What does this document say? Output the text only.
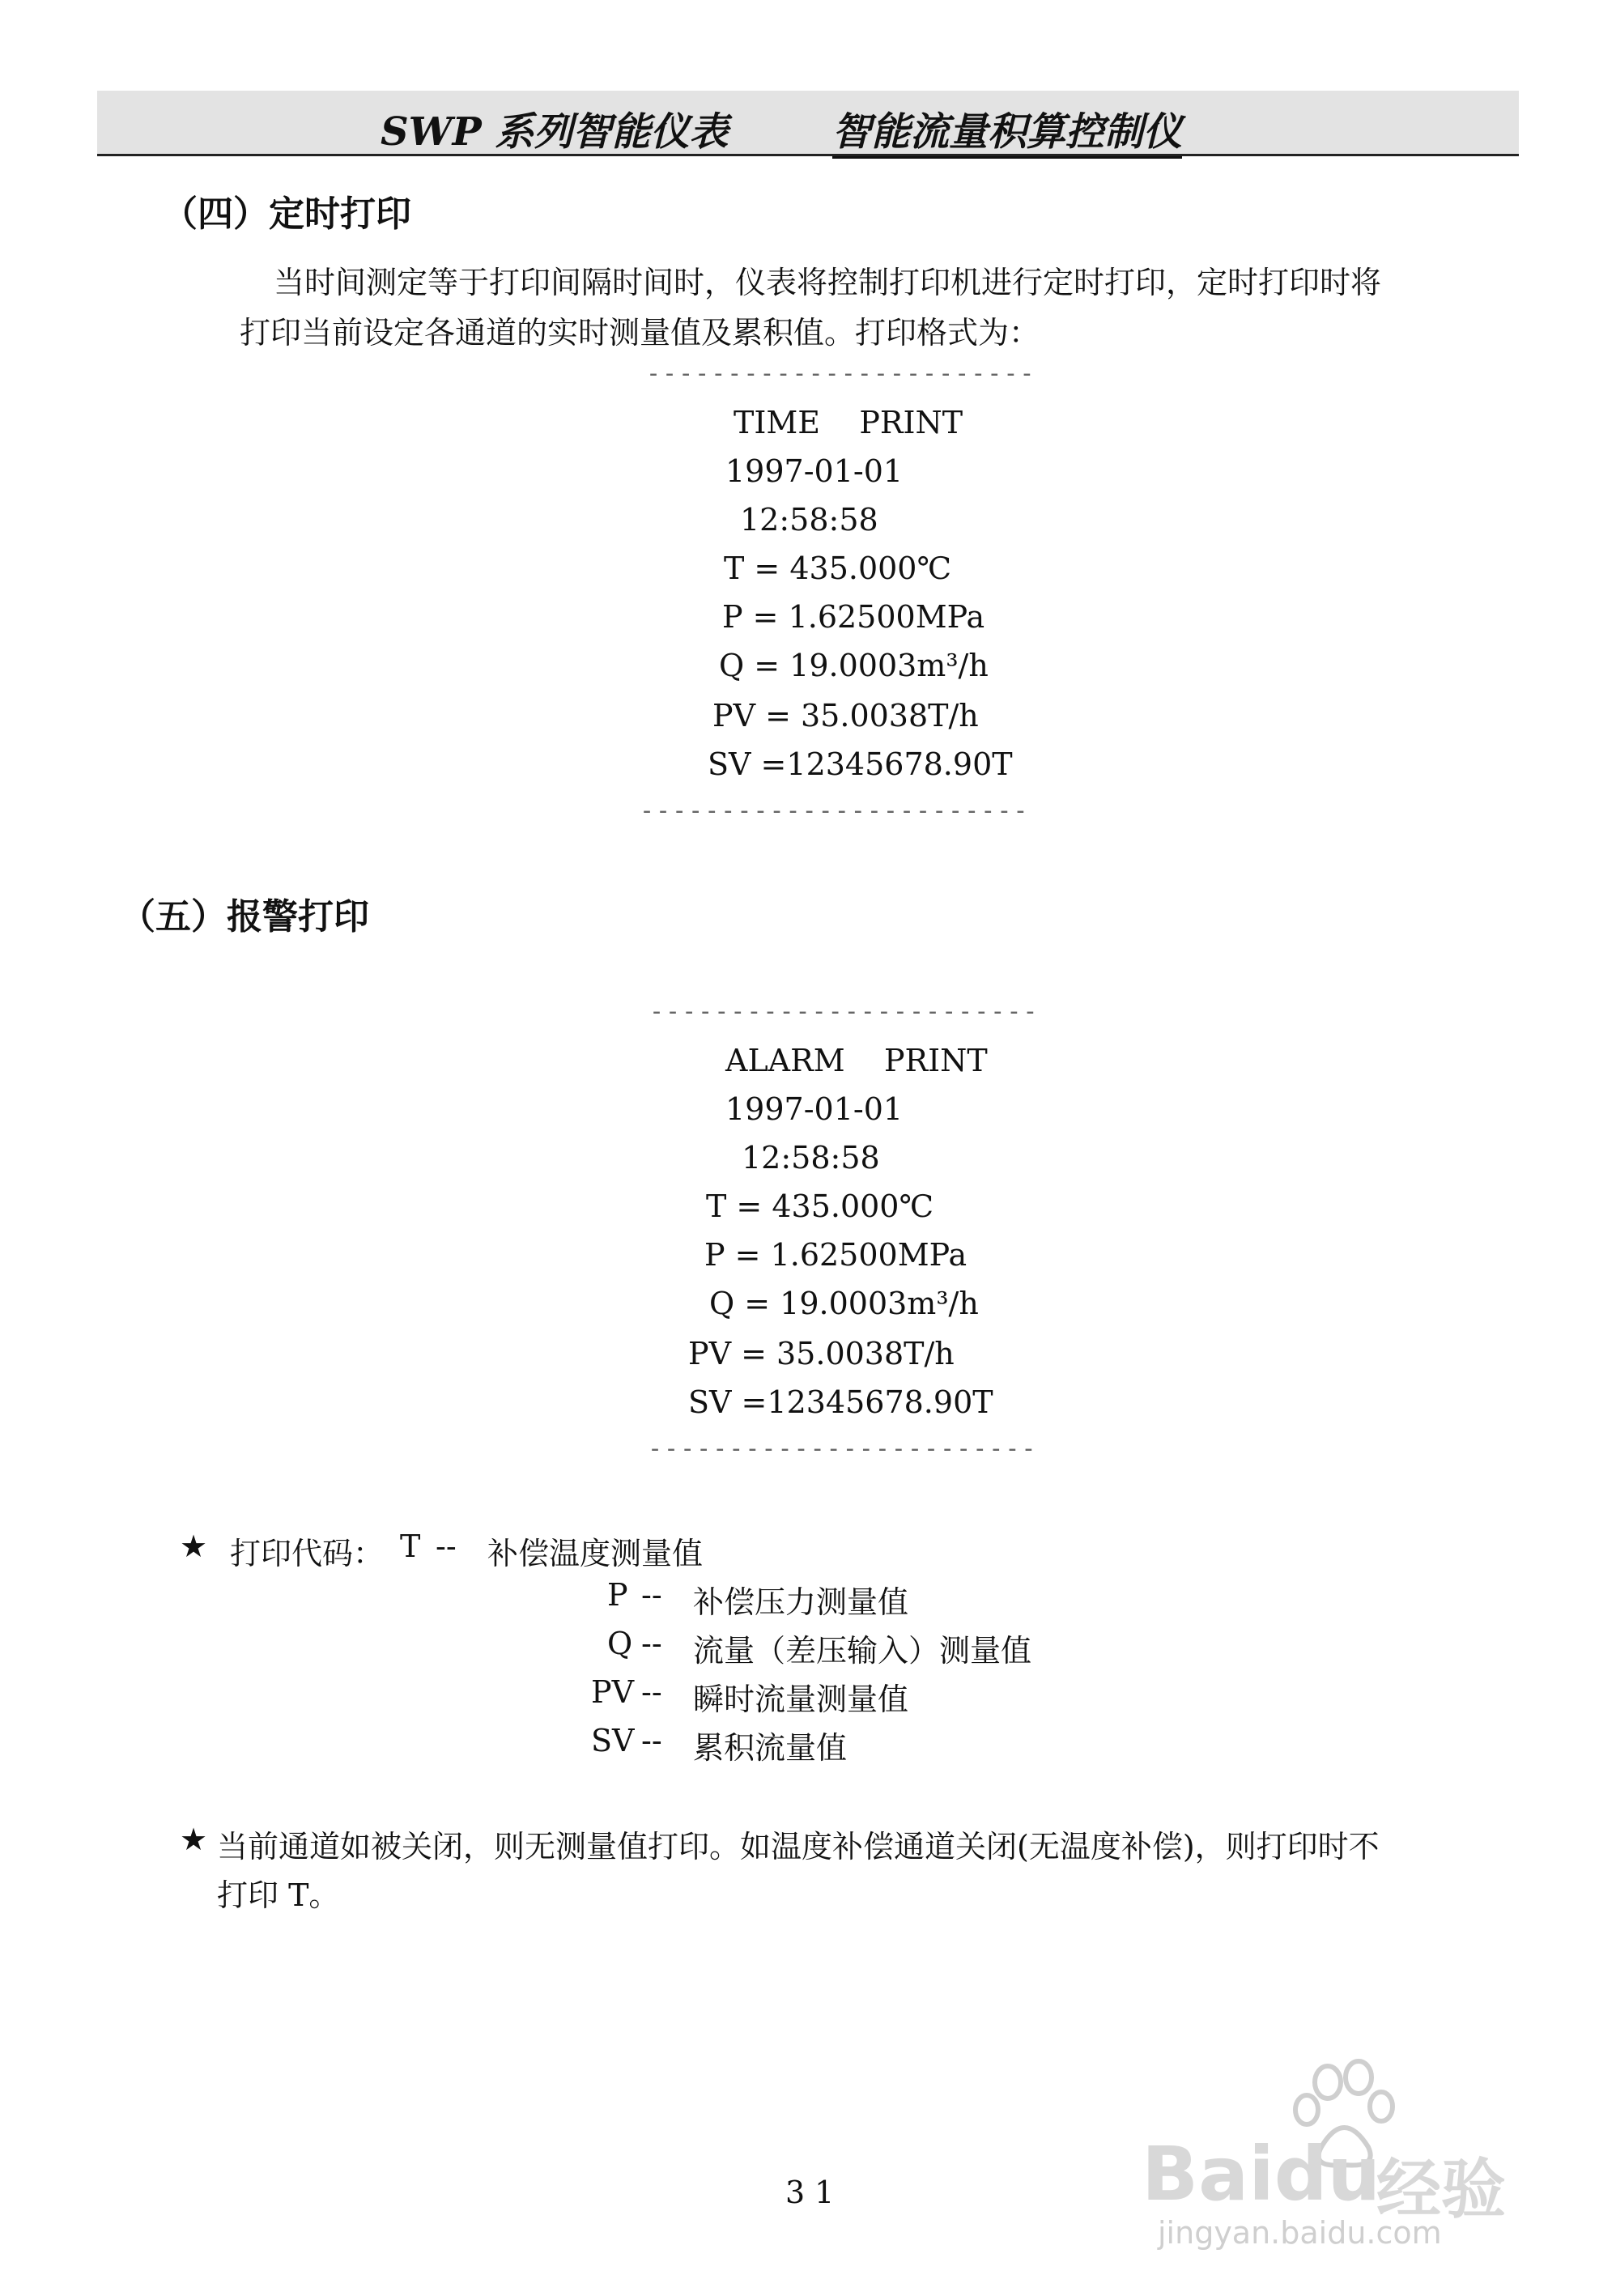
SWP 系列智能仪表	智能流量积算控制仪
（四）定时打印
当时间测定等于打印间隔时间时，仪表将控制打印机进行定时打印，定时打印时将
打印当前设定各通道的实时测量值及累积值。打印格式为：
------------------------
TIME    PRINT
1997-01-01
12:58:58
T = 435.000℃
P = 1.62500MPa
Q = 19.0003m³/h
PV = 35.0038T/h
SV =12345678.90T
------------------------
（五）报警打印
------------------------
ALARM    PRINT
1997-01-01
12:58:58
T = 435.000℃
P = 1.62500MPa
Q = 19.0003m³/h
PV = 35.0038T/h
SV =12345678.90T
------------------------
★ 打印代码： T -- 补偿温度测量值
P -- 补偿压力测量值
Q -- 流量（差压输入）测量值
PV -- 瞬时流量测量值
SV -- 累积流量值
★ 当前通道如被关闭，则无测量值打印。如温度补偿通道关闭(无温度补偿)，则打印时不
打印 T。
31	Baidu
经验
jingyan.baidu.com
